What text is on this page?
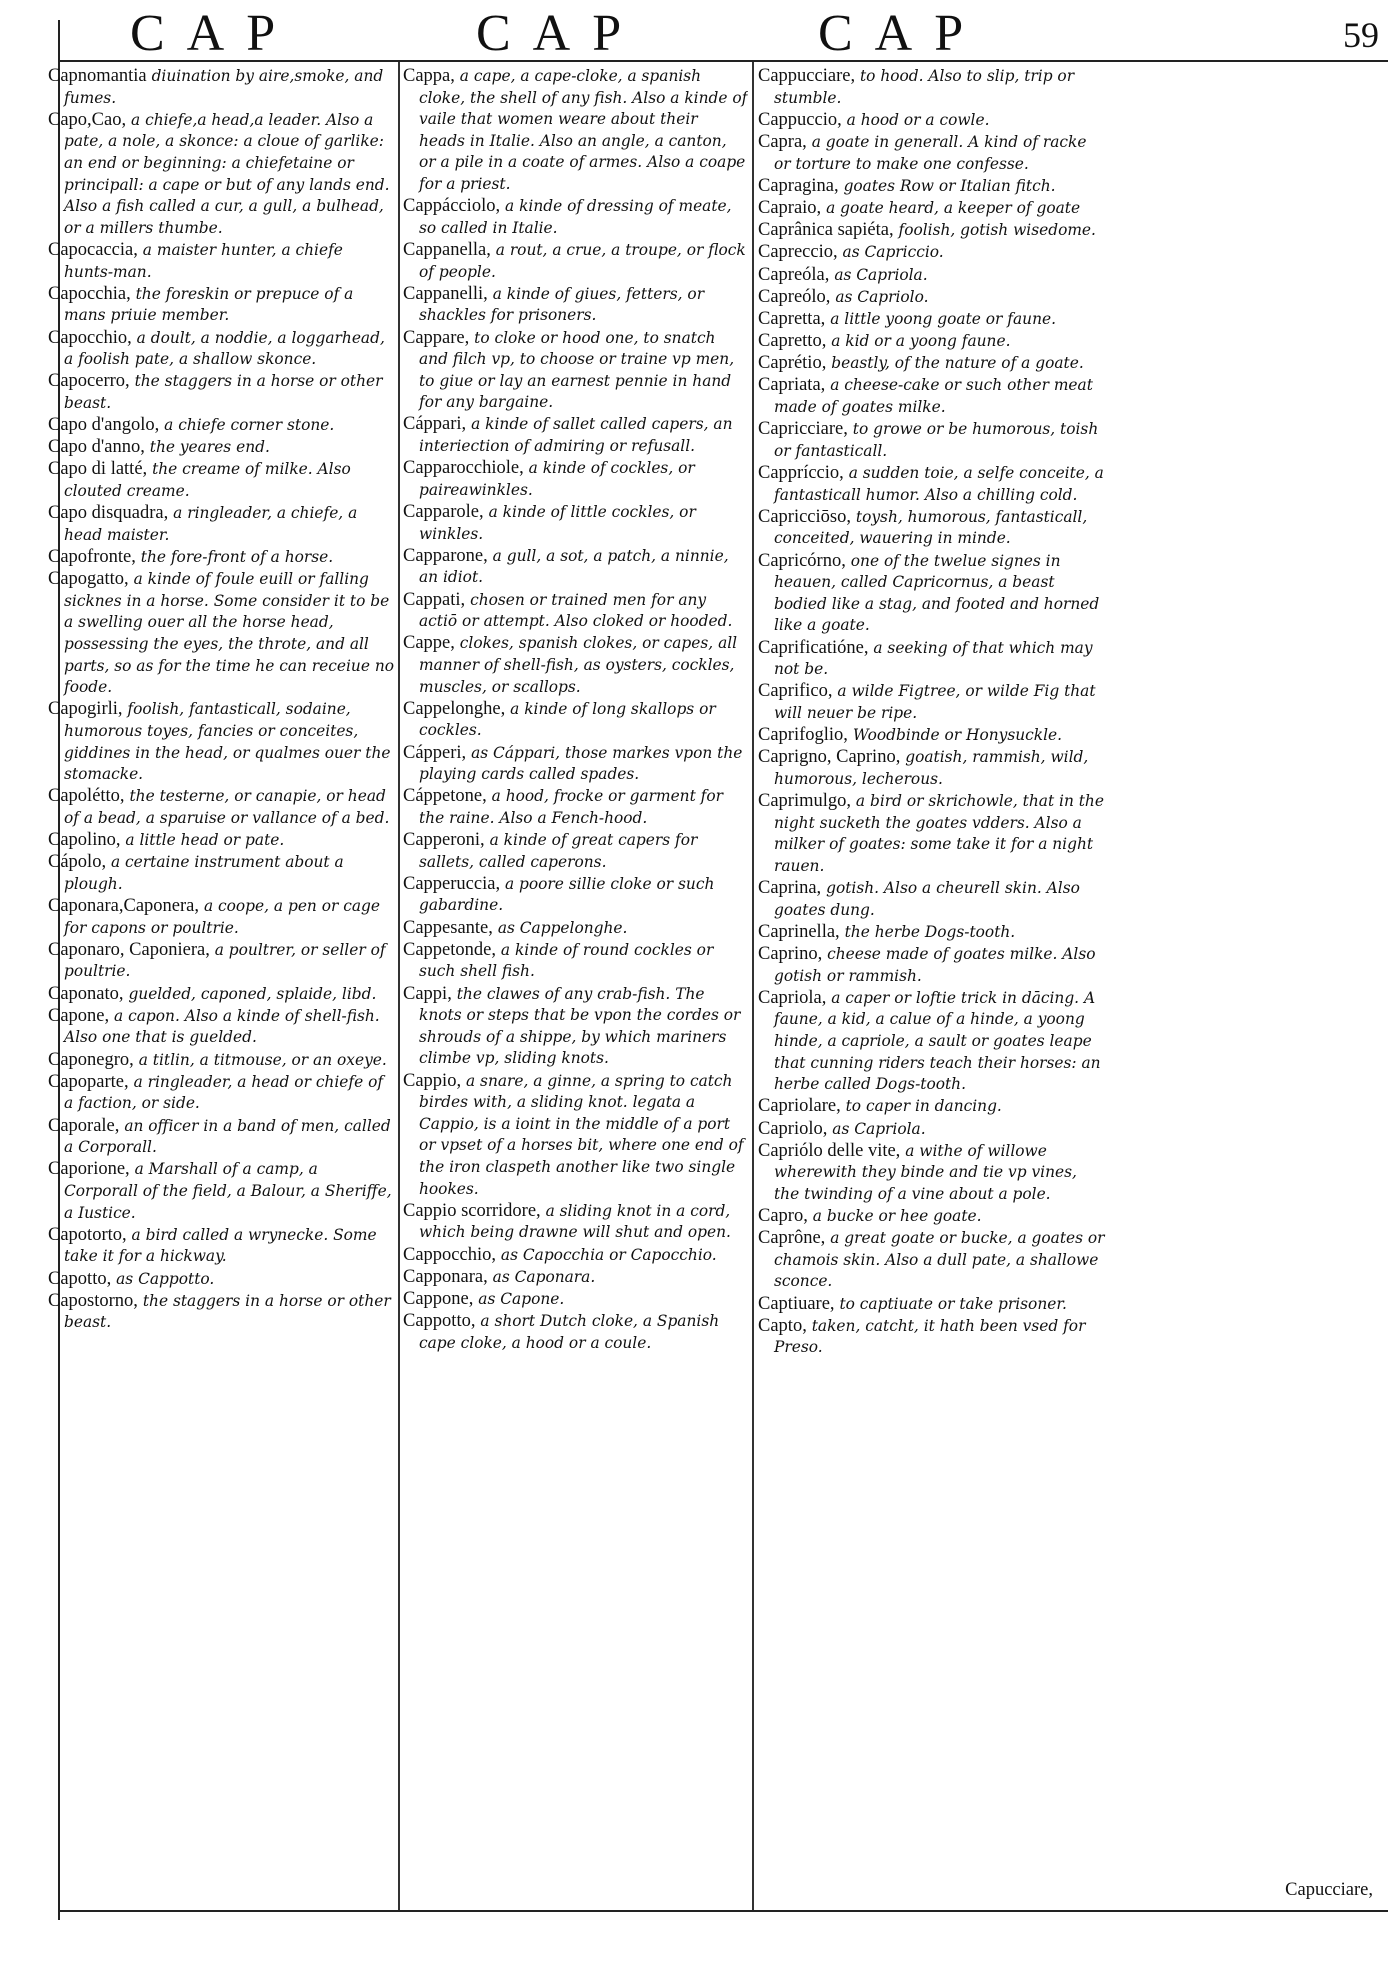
CAP	CAP	CAP	59

Capnomantia diuination by aire,smoke, and fumes.

Capo,Cao, a chiefe,a head,a leader. Also a pate, a nole, a skonce: a cloue of garlike: an end or beginning: a chiefetaine or principall: a cape or but of any lands end. Also a fish called a cur, a gull, a bulhead, or a millers thumbe.

Capocaccia, a maister hunter, a chiefe hunts-man.

Capocchia, the foreskin or prepuce of a mans priuie member.

Capocchio, a doult, a noddie, a loggarhead, a foolish pate, a shallow skonce.

Capocerro, the staggers in a horse or other beast.

Capo d'angolo, a chiefe corner stone.

Capo d'anno, the yeares end.

Capo di latté, the creame of milke. Also clouted creame.

Capo disquadra, a ringleader, a chiefe, a head maister.

Capofronte, the fore-front of a horse.

Capogatto, a kinde of foule euill or falling sicknes in a horse. Some consider it to be a swelling ouer all the horse head, possessing the eyes, the throte, and all parts, so as for the time he can receiue no foode.

Capogirli, foolish, fantasticall, sodaine, humorous toyes, fancies or conceites, giddines in the head, or qualmes ouer the stomacke.

Capolétto, the testerne, or canapie, or head of a bead, a sparuise or vallance of a bed.

Capolino, a little head or pate.

Cápolo, a certaine instrument about a plough.

Caponara,Caponera, a coope, a pen or cage for capons or poultrie.

Caponaro, Caponiera, a poultrer, or seller of poultrie.

Caponato, guelded, caponed, splaide, libd.

Capone, a capon. Also a kinde of shell-fish. Also one that is guelded.

Caponegro, a titlin, a titmouse, or an oxeye.

Capoparte, a ringleader, a head or chiefe of a faction, or side.

Caporale, an officer in a band of men, called a Corporall.

Caporione, a Marshall of a camp, a Corporall of the field, a Balour, a Sheriffe, a Iustice.

Capotorto, a bird called a wrynecke. Some take it for a hickway.

Capotto, as Cappotto.

Capostorno, the staggers in a horse or other beast.

Cappa, a cape, a cape-cloke, a spanish cloke, the shell of any fish. Also a kinde of vaile that women weare about their heads in Italie. Also an angle, a canton, or a pile in a coate of armes. Also a coape for a priest.

Cappácciolo, a kinde of dressing of meate, so called in Italie.

Cappanella, a rout, a crue, a troupe, or flock of people.

Cappanelli, a kinde of giues, fetters, or shackles for prisoners.

Cappare, to cloke or hood one, to snatch and filch vp, to choose or traine vp men, to giue or lay an earnest pennie in hand for any bargaine.

Cáppari, a kinde of sallet called capers, an interiection of admiring or refusall.

Capparocchiole, a kinde of cockles, or paireawinkles.

Capparole, a kinde of little cockles, or winkles.

Capparone, a gull, a sot, a patch, a ninnie, an idiot.

Cappati, chosen or trained men for any actiō or attempt. Also cloked or hooded.

Cappe, clokes, spanish clokes, or capes, all manner of shell-fish, as oysters, cockles, muscles, or scallops.

Cappelonghe, a kinde of long skallops or cockles.

Cápperi, as Cáppari, those markes vpon the playing cards called spades.

Cáppetone, a hood, frocke or garment for the raine. Also a Fench-hood.

Capperoni, a kinde of great capers for sallets, called caperons.

Capperuccia, a poore sillie cloke or such gabardine.

Cappesante, as Cappelonghe.

Cappetonde, a kinde of round cockles or such shell fish.

Cappi, the clawes of any crab-fish. The knots or steps that be vpon the cordes or shrouds of a shippe, by which mariners climbe vp, sliding knots.

Cappio, a snare, a ginne, a spring to catch birdes with, a sliding knot. legata a Cappio, is a ioint in the middle of a port or vpset of a horses bit, where one end of the iron claspeth another like two single hookes.

Cappio scorridore, a sliding knot in a cord, which being drawne will shut and open.

Cappocchio, as Capocchia or Capocchio.

Capponara, as Caponara.

Cappone, as Capone.

Cappotto, a short Dutch cloke, a Spanish cape cloke, a hood or a coule.

Cappucciare, to hood. Also to slip, trip or stumble.

Cappuccio, a hood or a cowle.

Capra, a goate in generall. A kind of racke or torture to make one confesse.

Capragina, goates Row or Italian fitch.

Capraio, a goate heard, a keeper of goate

Caprânica sapiéta, foolish, gotish wisedome.

Capreccio, as Capriccio.

Capreóla, as Capriola.

Capreólo, as Capriolo.

Capretta, a little yoong goate or faune.

Capretto, a kid or a yoong faune.

Caprétio, beastly, of the nature of a goate.

Capriata, a cheese-cake or such other meat made of goates milke.

Capricciare, to growe or be humorous, toish or fantasticall.

Cappríccio, a sudden toie, a selfe conceite, a fantasticall humor. Also a chilling cold.

Capricciōso, toysh, humorous, fantasticall, conceited, wauering in minde.

Capricórno, one of the twelue signes in heauen, called Capricornus, a beast bodied like a stag, and footed and horned like a goate.

Caprificatióne, a seeking of that which may not be.

Caprifico, a wilde Figtree, or wilde Fig that will neuer be ripe.

Caprifoglio, Woodbinde or Honysuckle.

Caprigno, Caprino, goatish, rammish, wild, humorous, lecherous.

Caprimulgo, a bird or skrichowle, that in the night sucketh the goates vdders. Also a milker of goates: some take it for a night rauen.

Caprina, gotish. Also a cheurell skin. Also goates dung.

Caprinella, the herbe Dogs-tooth.

Caprino, cheese made of goates milke. Also gotish or rammish.

Capriola, a caper or loftie trick in dācing. A faune, a kid, a calue of a hinde, a yoong hinde, a capriole, a sault or goates leape that cunning riders teach their horses: an herbe called Dogs-tooth.

Capriolare, to caper in dancing.

Capriolo, as Capriola.

Capriólo delle vite, a withe of willowe wherewith they binde and tie vp vines, the twinding of a vine about a pole.

Capro, a bucke or hee goate.

Caprône, a great goate or bucke, a goates or chamois skin. Also a dull pate, a shallowe sconce.

Captiuare, to captiuate or take prisoner.

Capto, taken, catcht, it hath been vsed for Preso.

Capucciare,
